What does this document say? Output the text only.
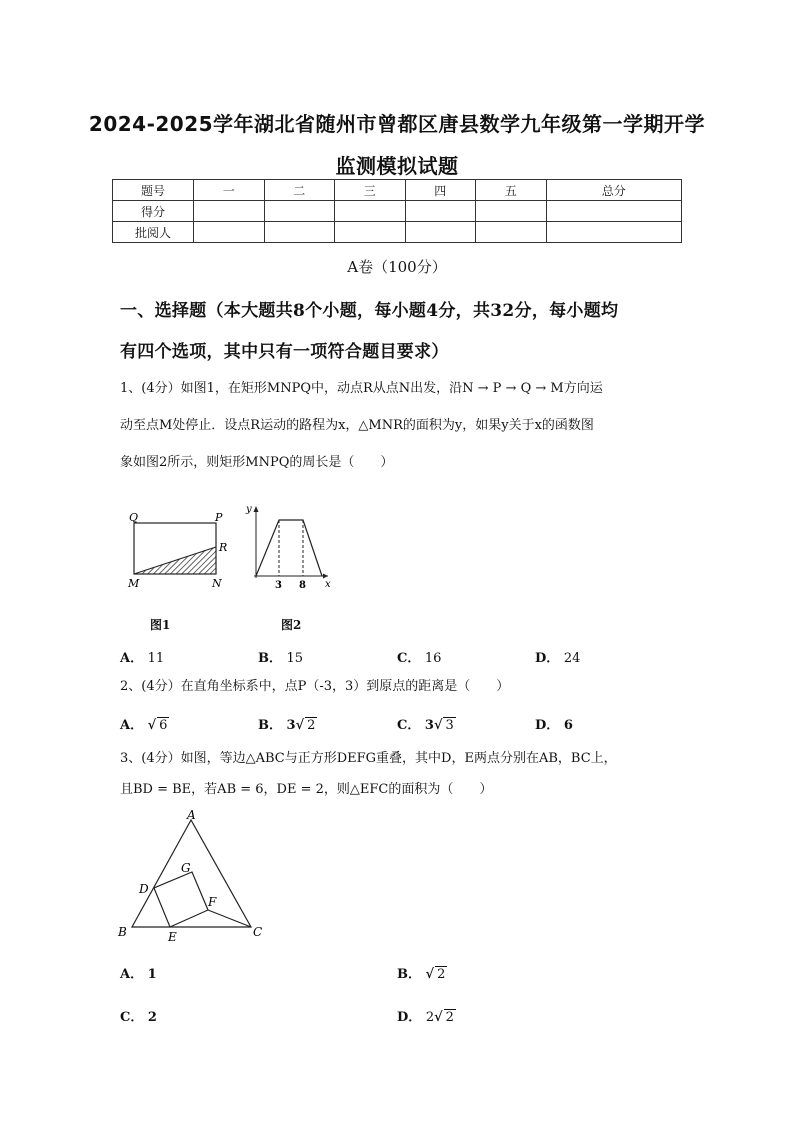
2024-2025学年湖北省随州市曾都区唐县数学九年级第一学期开学
监测模拟试题
题号	一	二	三	四	五	总分
得分						
批阅人						
A卷（100分）
一、选择题（本大题共8个小题，每小题4分，共32分，每小题均
有四个选项，其中只有一项符合题目要求）
1、(4分）如图1，在矩形MNPQ中，动点R从点N出发，沿N → P → Q → M方向运
动至点M处停止．设点R运动的路程为x，△MNR的面积为y，如果y关于x的函数图
象如图2所示，则矩形MNPQ的周长是（　　）
Q	P
R
M	N
y
x
3 8
图1	图2
A． 11	B． 15	C． 16	D． 24
2、(4分）在直角坐标系中，点P（-3，3）到原点的距离是（　　）
A． √ 6	B． 3√ 2	C． 3√ 3	D． 6
3、(4分）如图，等边△ABC与正方形DEFG重叠，其中D，E两点分别在AB，BC上，
且BD = BE，若AB = 6，DE = 2，则△EFC的面积为（　　）
A
B	C
D
E
F
G
A． 1	B． √ 2
C． 2	D． 2√ 2
